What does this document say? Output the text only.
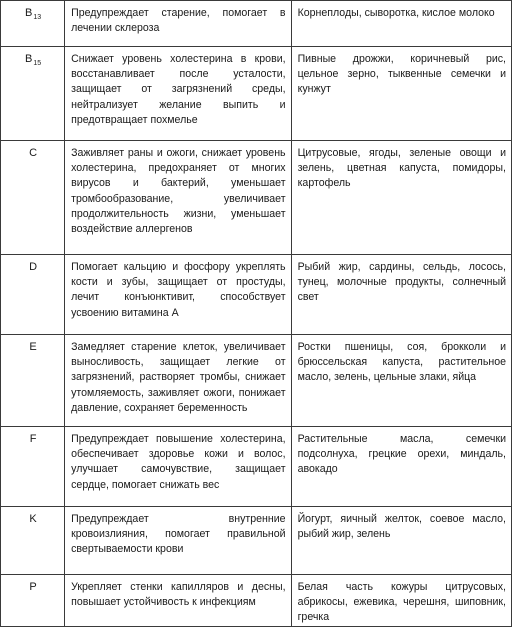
$B_{13}$	Предупреждает старение, помогает в лечении склероза	Корнеплоды, сыворотка, кислое молоко
$B_{15}$	Снижает уровень холестерина в крови, восстанавливает после усталости, защищает от загрязнений среды, нейтрализует желание выпить и предотвращает похмелье	Пивные дрожжи, коричневый рис, цельное зерно, тыквенные семечки и кунжут
C	Заживляет раны и ожоги, снижает уровень холестерина, предохраняет от многих вирусов и бактерий, уменьшает тромбообразование, увеличивает продолжительность жизни, уменьшает воздействие аллергенов	Цитрусовые, ягоды, зеленые овощи и зелень, цветная капуста, помидоры, картофель
D	Помогает кальцию и фосфору укреплять кости и зубы, защищает от простуды, лечит конъюнктивит, способствует усвоению витамина А	Рыбий жир, сардины, сельдь, лосось, тунец, молочные продукты, солнечный свет
E	Замедляет старение клеток, увеличивает выносливость, защищает легкие от загрязнений, растворяет тромбы, снижает утомляемость, заживляет ожоги, понижает давление, сохраняет беременность	Ростки пшеницы, соя, брокколи и брюссельская капуста, растительное масло, зелень, цельные злаки, яйца
F	Предупреждает повышение холестерина, обеспечивает здоровье кожи и волос, улучшает самочувствие, защищает сердце, помогает снижать вес	Растительные масла, семечки подсолнуха, грецкие орехи, миндаль, авокадо
K	Предупреждает внутренние кровоизлияния, помогает правильной свертываемости крови	Йогурт, яичный желток, соевое масло, рыбий жир, зелень
P	Укрепляет стенки капилляров и десны, повышает устойчивость к инфекциям	Белая часть кожуры цитрусовых, абрикосы, ежевика, черешня, шиповник, гречка
